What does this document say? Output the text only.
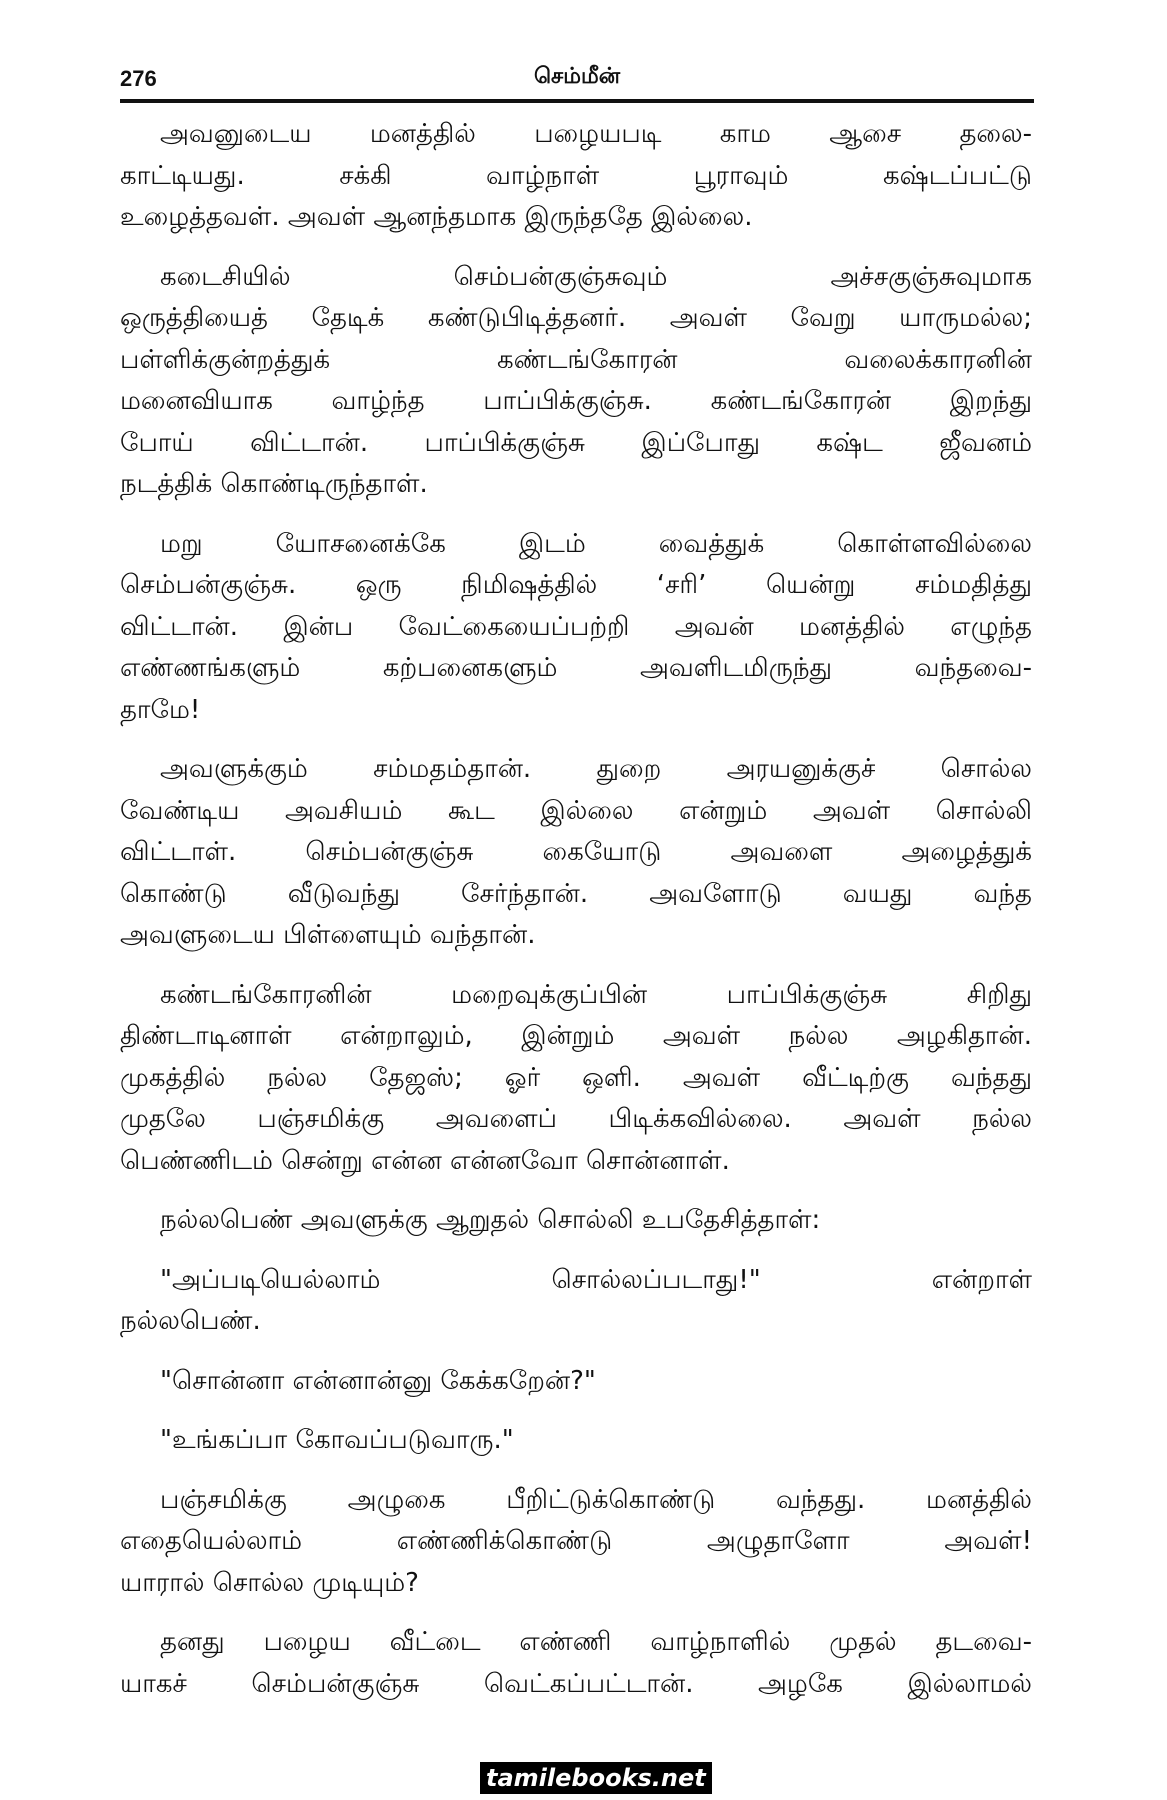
276	செம்மீன்
அவனுடைய மனத்தில் பழையபடி காம ஆசை தலை-
காட்டியது. சக்கி வாழ்நாள் பூராவும் கஷ்டப்பட்டு
உழைத்தவள். அவள் ஆனந்தமாக இருந்ததே இல்லை.
கடைசியில் செம்பன்குஞ்சுவும் அச்சகுஞ்சுவுமாக
ஒருத்தியைத் தேடிக் கண்டுபிடித்தனர். அவள் வேறு யாருமல்ல;
பள்ளிக்குன்றத்துக் கண்டங்கோரன் வலைக்காரனின்
மனைவியாக வாழ்ந்த பாப்பிக்குஞ்சு. கண்டங்கோரன் இறந்து
போய் விட்டான். பாப்பிக்குஞ்சு இப்போது கஷ்ட ஜீவனம்
நடத்திக் கொண்டிருந்தாள்.
மறு யோசனைக்கே இடம் வைத்துக் கொள்ளவில்லை
செம்பன்குஞ்சு. ஒரு நிமிஷத்தில் ‘சரி’ யென்று சம்மதித்து
விட்டான். இன்ப வேட்கையைப்பற்றி அவன் மனத்தில் எழுந்த
எண்ணங்களும் கற்பனைகளும் அவளிடமிருந்து வந்தவை-
தாமே!
அவளுக்கும் சம்மதம்தான். துறை அரயனுக்குச் சொல்ல
வேண்டிய அவசியம் கூட இல்லை என்றும் அவள் சொல்லி
விட்டாள். செம்பன்குஞ்சு கையோடு அவளை அழைத்துக்
கொண்டு வீடுவந்து சேர்ந்தான். அவளோடு வயது வந்த
அவளுடைய பிள்ளையும் வந்தான்.
கண்டங்கோரனின் மறைவுக்குப்பின் பாப்பிக்குஞ்சு சிறிது
திண்டாடினாள் என்றாலும், இன்றும் அவள் நல்ல அழகிதான்.
முகத்தில் நல்ல தேஜஸ்; ஓர் ஒளி. அவள் வீட்டிற்கு வந்தது
முதலே பஞ்சமிக்கு அவளைப் பிடிக்கவில்லை. அவள் நல்ல
பெண்ணிடம் சென்று என்ன என்னவோ சொன்னாள்.
நல்லபெண் அவளுக்கு ஆறுதல் சொல்லி உபதேசித்தாள்:
"அப்படியெல்லாம் சொல்லப்படாது!" என்றாள்
நல்லபெண்.
"சொன்னா என்னான்னு கேக்கறேன்?"
"உங்கப்பா கோவப்படுவாரு."
பஞ்சமிக்கு அழுகை பீறிட்டுக்கொண்டு வந்தது. மனத்தில்
எதையெல்லாம் எண்ணிக்கொண்டு அழுதாளோ அவள்!
யாரால் சொல்ல முடியும்?
தனது பழைய வீட்டை எண்ணி வாழ்நாளில் முதல் தடவை-
யாகச் செம்பன்குஞ்சு வெட்கப்பட்டான். அழகே இல்லாமல்
tamilebooks.net
